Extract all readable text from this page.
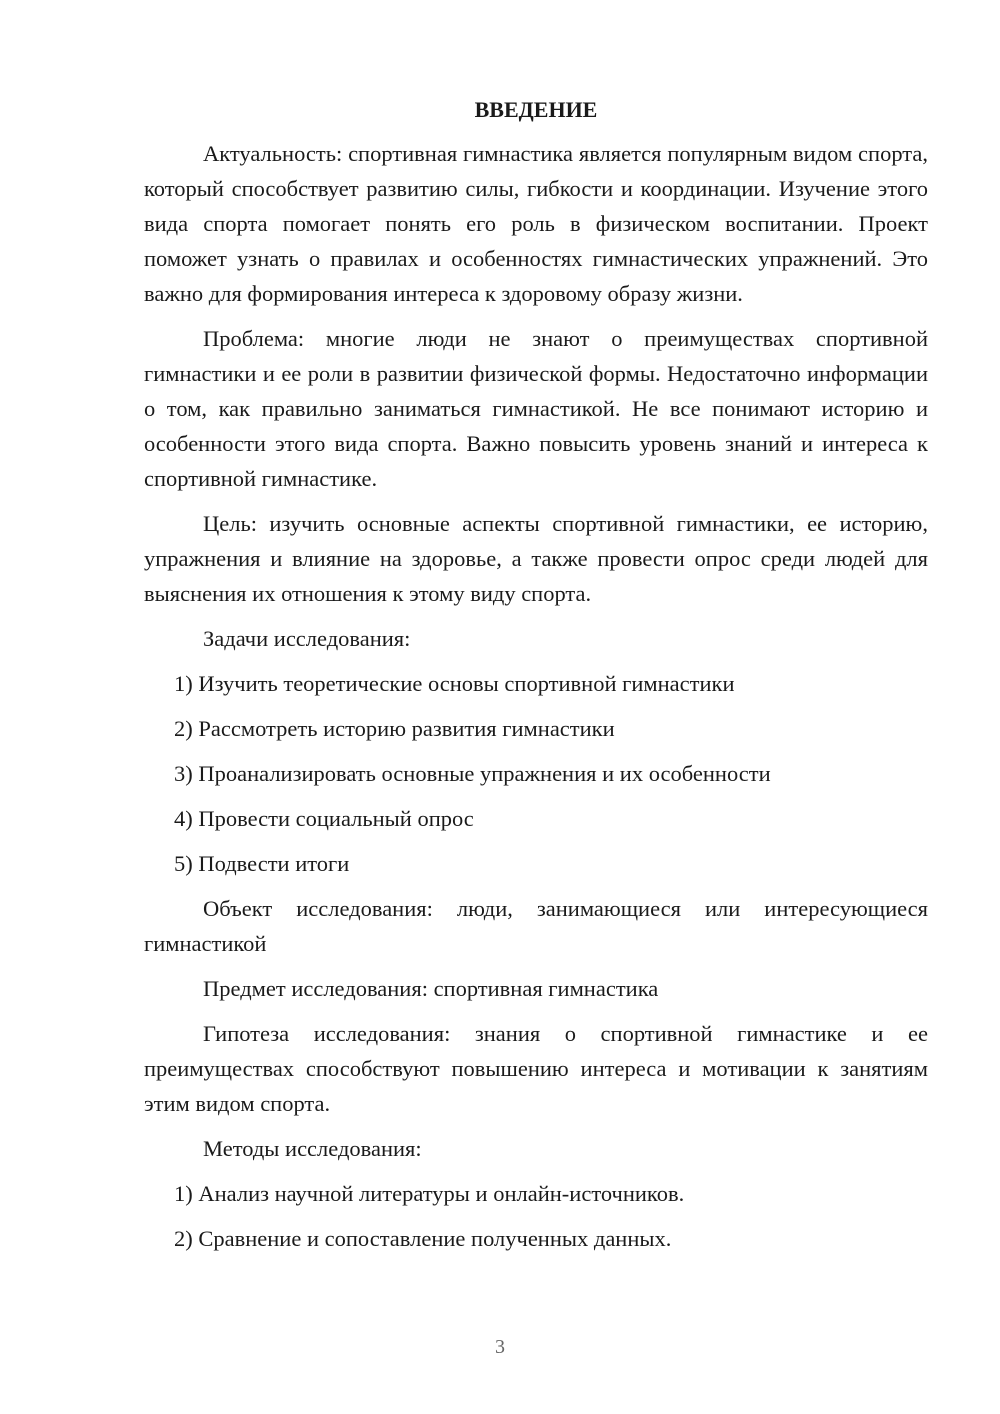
ВВЕДЕНИЕ

Актуальность: спортивная гимнастика является популярным видом спорта, который способствует развитию силы, гибкости и координации. Изучение этого вида спорта помогает понять его роль в физическом воспитании. Проект поможет узнать о правилах и особенностях гимнастических упражнений. Это важно для формирования интереса к здоровому образу жизни.

Проблема: многие люди не знают о преимуществах спортивной гимнастики и ее роли в развитии физической формы. Недостаточно информации о том, как правильно заниматься гимнастикой. Не все понимают историю и особенности этого вида спорта. Важно повысить уровень знаний и интереса к спортивной гимнастике.

Цель: изучить основные аспекты спортивной гимнастики, ее историю, упражнения и влияние на здоровье, а также провести опрос среди людей для выяснения их отношения к этому виду спорта.

Задачи исследования:

1) Изучить теоретические основы спортивной гимнастики
2) Рассмотреть историю развития гимнастики
3) Проанализировать основные упражнения и их особенности
4) Провести социальный опрос
5) Подвести итоги

Объект исследования: люди, занимающиеся или интересующиеся гимнастикой

Предмет исследования: спортивная гимнастика

Гипотеза исследования: знания о спортивной гимнастике и ее преимуществах способствуют повышению интереса и мотивации к занятиям этим видом спорта.

Методы исследования:

1) Анализ научной литературы и онлайн-источников.
2) Сравнение и сопоставление полученных данных.
3
